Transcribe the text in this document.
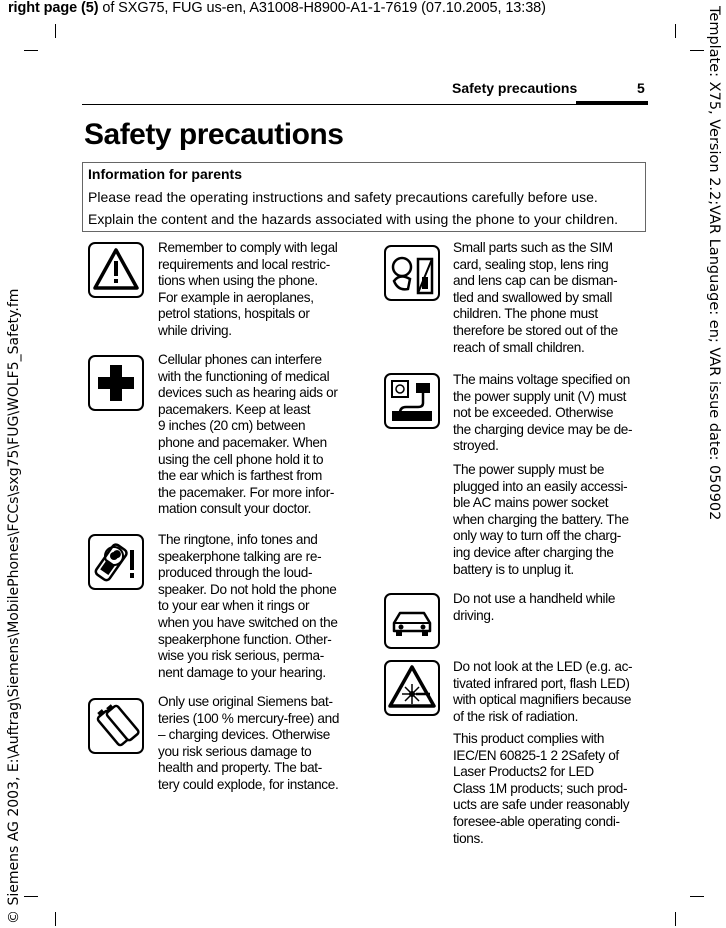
right page (5) of SXG75, FUG us-en, A31008-H8900-A1-1-7619 (07.10.2005, 13:38)	Template: X75, Version 2.2;VAR Language: en; VAR issue date: 050902
© Siemens AG 2003, E:\Auftrag\Siemens\MobilePhones\FCCs\sxg75\FUG\WOLF5_Safety.fm
Safety precautions	5
Safety precautions
Information for parents
Please read the operating instructions and safety precautions carefully before use.
Explain the content and the hazards associated with using the phone to your children.
Remember to comply with legal
requirements and local restric-
tions when using the phone.
For example in aeroplanes,
petrol stations, hospitals or
while driving.
Cellular phones can interfere
with the functioning of medical
devices such as hearing aids or
pacemakers. Keep at least
9 inches (20 cm) between
phone and pacemaker. When
using the cell phone hold it to
the ear which is farthest from
the pacemaker. For more infor-
mation consult your doctor.
The ringtone, info tones and
speakerphone talking are re-
produced through the loud-
speaker. Do not hold the phone
to your ear when it rings or
when you have switched on the
speakerphone function. Other-
wise you risk serious, perma-
nent damage to your hearing.
Only use original Siemens bat-
teries (100 % mercury-free) and
– charging devices. Otherwise
you risk serious damage to
health and property. The bat-
tery could explode, for instance.
Small parts such as the SIM
card, sealing stop, lens ring
and lens cap can be disman-
tled and swallowed by small
children. The phone must
therefore be stored out of the
reach of small children.
The mains voltage specified on
the power supply unit (V) must
not be exceeded. Otherwise
the charging device may be de-
stroyed.
The power supply must be
plugged into an easily accessi-
ble AC mains power socket
when charging the battery. The
only way to turn off the charg-
ing device after charging the
battery is to unplug it.
Do not use a handheld while
driving.
Do not look at the LED (e.g. ac-
tivated infrared port, flash LED)
with optical magnifiers because
of the risk of radiation.
This product complies with
IEC/EN 60825-1 2 2Safety of
Laser Products2 for LED
Class 1M products; such prod-
ucts are safe under reasonably
foresee-able operating condi-
tions.
